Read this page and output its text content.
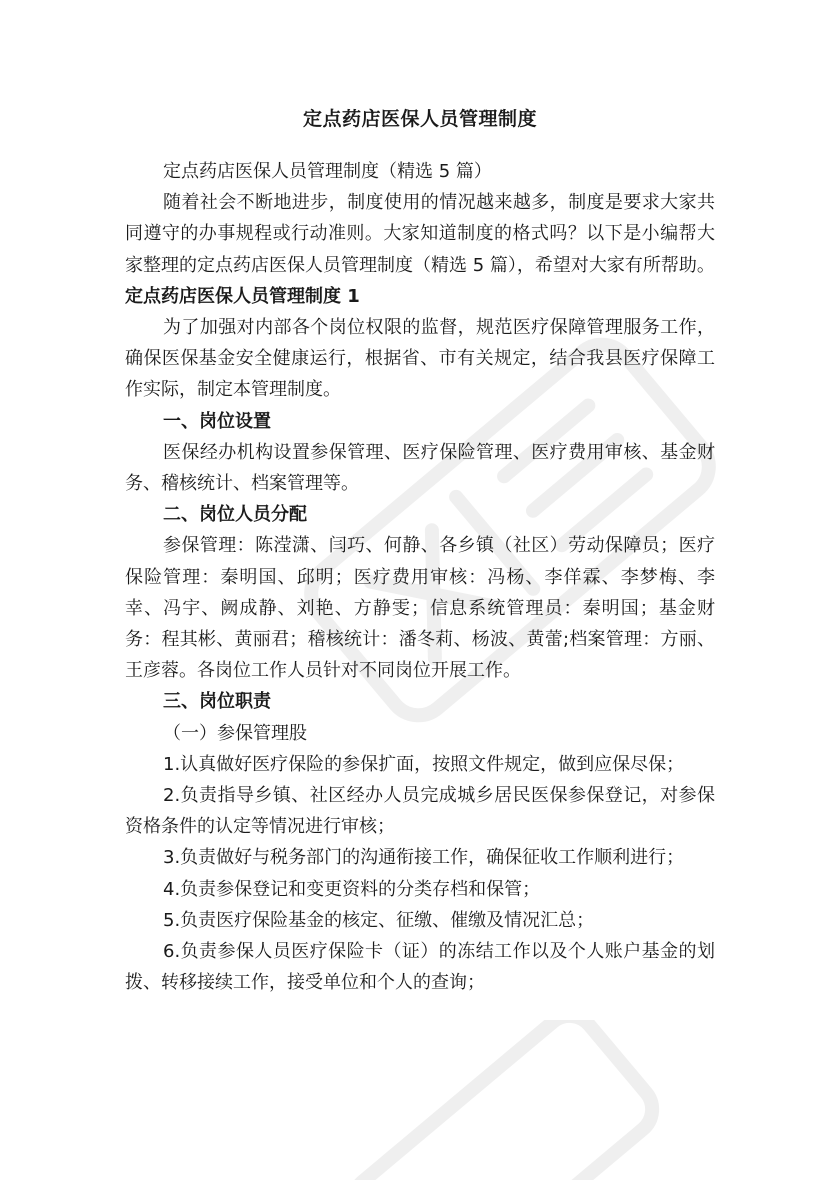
定点药店医保人员管理制度

定点药店医保人员管理制度（精选 5 篇）

随着社会不断地进步，制度使用的情况越来越多，制度是要求大家共同遵守的办事规程或行动准则。大家知道制度的格式吗？以下是小编帮大家整理的定点药店医保人员管理制度（精选 5 篇），希望对大家有所帮助。

定点药店医保人员管理制度 1

为了加强对内部各个岗位权限的监督，规范医疗保障管理服务工作，确保医保基金安全健康运行，根据省、市有关规定，结合我县医疗保障工作实际，制定本管理制度。

一、岗位设置

医保经办机构设置参保管理、医疗保险管理、医疗费用审核、基金财务、稽核统计、档案管理等。

二、岗位人员分配

参保管理：陈滢潇、闫巧、何静、各乡镇（社区）劳动保障员；医疗保险管理：秦明国、邱明；医疗费用审核：冯杨、李佯霖、李梦梅、李幸、冯宇、阙成静、刘艳、方静雯；信息系统管理员：秦明国；基金财务：程其彬、黄丽君；稽核统计：潘冬莉、杨波、黄蕾;档案管理：方丽、王彦蓉。各岗位工作人员针对不同岗位开展工作。

三、岗位职责

（一）参保管理股

1.认真做好医疗保险的参保扩面，按照文件规定，做到应保尽保；

2.负责指导乡镇、社区经办人员完成城乡居民医保参保登记，对参保资格条件的认定等情况进行审核；

3.负责做好与税务部门的沟通衔接工作，确保征收工作顺利进行；

4.负责参保登记和变更资料的分类存档和保管；

5.负责医疗保险基金的核定、征缴、催缴及情况汇总；

6.负责参保人员医疗保险卡（证）的冻结工作以及个人账户基金的划拨、转移接续工作，接受单位和个人的查询；
